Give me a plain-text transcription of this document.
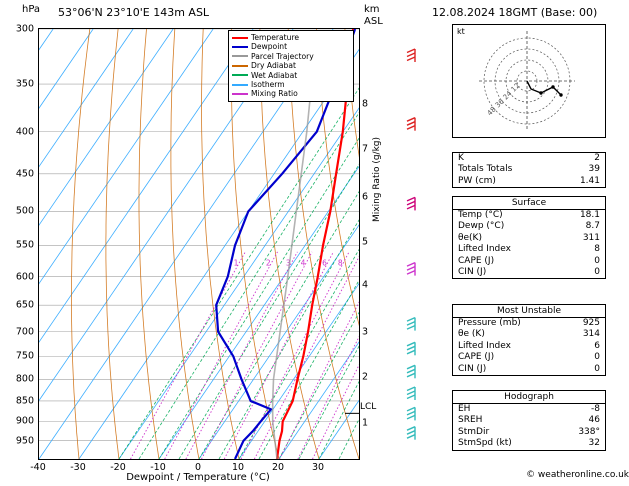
hPa 53°06'N 23°10'E 143m ASL	km
ASL
300
350
400
450
500
550
600
650
700
750
800
850
900
950
1	2 3 4 6 8
1
2
3
4
5
6
7
8
Mixing Ratio (g/kg)
LCL
-40	-30	-20	-10	0	10	20	30
Dewpoint / Temperature (°C)
Temperature
Dewpoint
Parcel Trajectory
Dry Adiabat
Wet Adiabat
Isotherm
Mixing Ratio
12.08.2024 18GMT (Base: 00)
kt
12
24
36
48
K	2
Totals Totals	39
PW (cm)	1.41
Surface
Temp (°C)	18.1
Dewp (°C)	8.7
θe(K)	311
Lifted Index	8
CAPE (J)	0
CIN (J)	0
Most Unstable
Pressure (mb)	925
θe (K)	314
Lifted Index	6
CAPE (J)	0
CIN (J)	0
Hodograph
EH	-8
SREH	46
StmDir	338°
StmSpd (kt)	32
© weatheronline.co.uk
